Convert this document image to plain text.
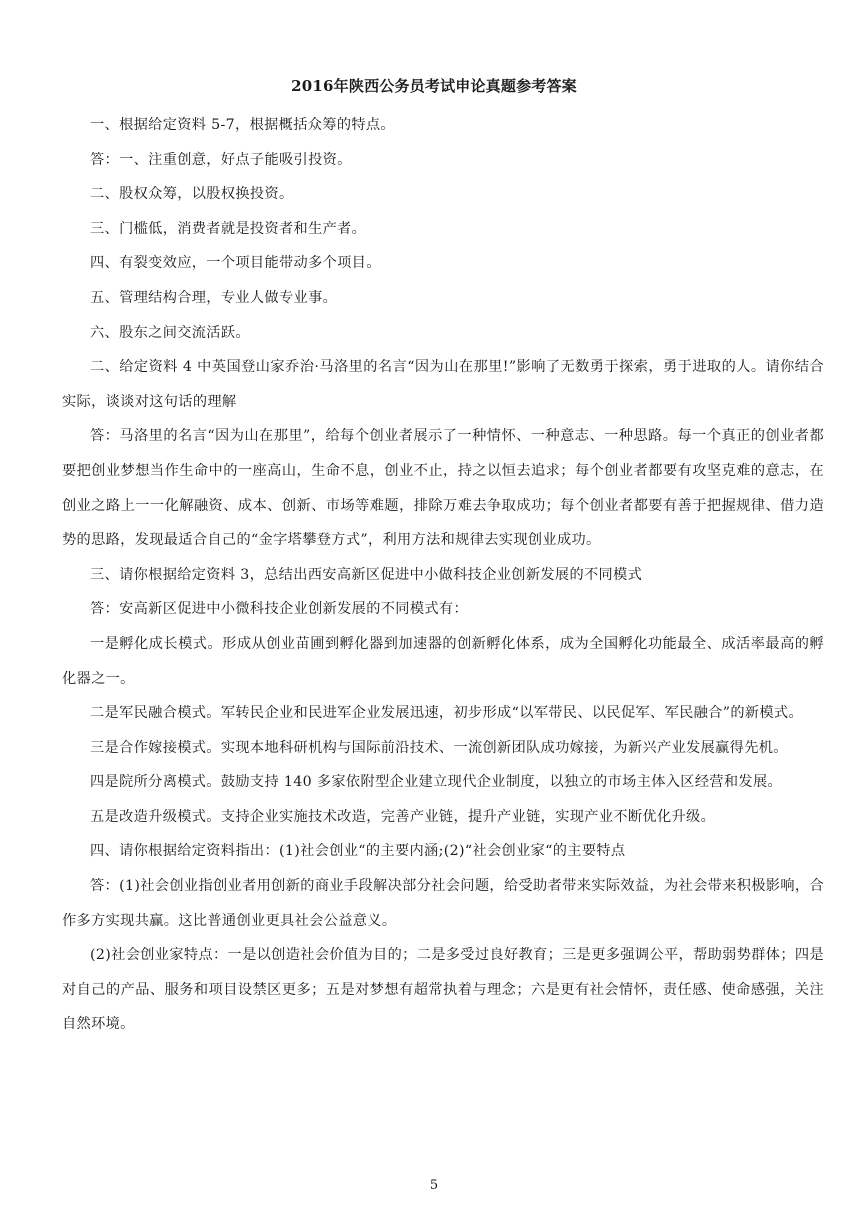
2016年陕西公务员考试申论真题参考答案

一、根据给定资料 5-7，根据概括众筹的特点。

答：一、注重创意，好点子能吸引投资。

二、股权众筹，以股权换投资。

三、门槛低，消费者就是投资者和生产者。

四、有裂变效应，一个项目能带动多个项目。

五、管理结构合理，专业人做专业事。

六、股东之间交流活跃。

二、给定资料 4 中英国登山家乔治·马洛里的名言“因为山在那里!”影响了无数勇于探索，勇于进取的人。请你结合实际，谈谈对这句话的理解

答：马洛里的名言“因为山在那里”，给每个创业者展示了一种情怀、一种意志、一种思路。每一个真正的创业者都要把创业梦想当作生命中的一座高山，生命不息，创业不止，持之以恒去追求；每个创业者都要有攻坚克难的意志，在创业之路上一一化解融资、成本、创新、市场等难题，排除万难去争取成功；每个创业者都要有善于把握规律、借力造势的思路，发现最适合自己的“金字塔攀登方式”，利用方法和规律去实现创业成功。

三、请你根据给定资料 3，总结出西安高新区促进中小做科技企业创新发展的不同模式

答：安高新区促进中小微科技企业创新发展的不同模式有：

一是孵化成长模式。形成从创业苗圃到孵化器到加速器的创新孵化体系，成为全国孵化功能最全、成活率最高的孵化器之一。

二是军民融合模式。军转民企业和民进军企业发展迅速，初步形成“以军带民、以民促军、军民融合”的新模式。

三是合作嫁接模式。实现本地科研机构与国际前沿技术、一流创新团队成功嫁接，为新兴产业发展赢得先机。

四是院所分离模式。鼓励支持 140 多家依附型企业建立现代企业制度，以独立的市场主体入区经营和发展。

五是改造升级模式。支持企业实施技术改造，完善产业链，提升产业链，实现产业不断优化升级。

四、请你根据给定资料指出：(1)社会创业“的主要内涵;(2)“社会创业家“的主要特点

答：(1)社会创业指创业者用创新的商业手段解决部分社会问题，给受助者带来实际效益，为社会带来积极影响，合作多方实现共赢。这比普通创业更具社会公益意义。

(2)社会创业家特点：一是以创造社会价值为目的；二是多受过良好教育；三是更多强调公平，帮助弱势群体；四是对自己的产品、服务和项目设禁区更多；五是对梦想有超常执着与理念；六是更有社会情怀，责任感、使命感强，关注自然环境。

5
